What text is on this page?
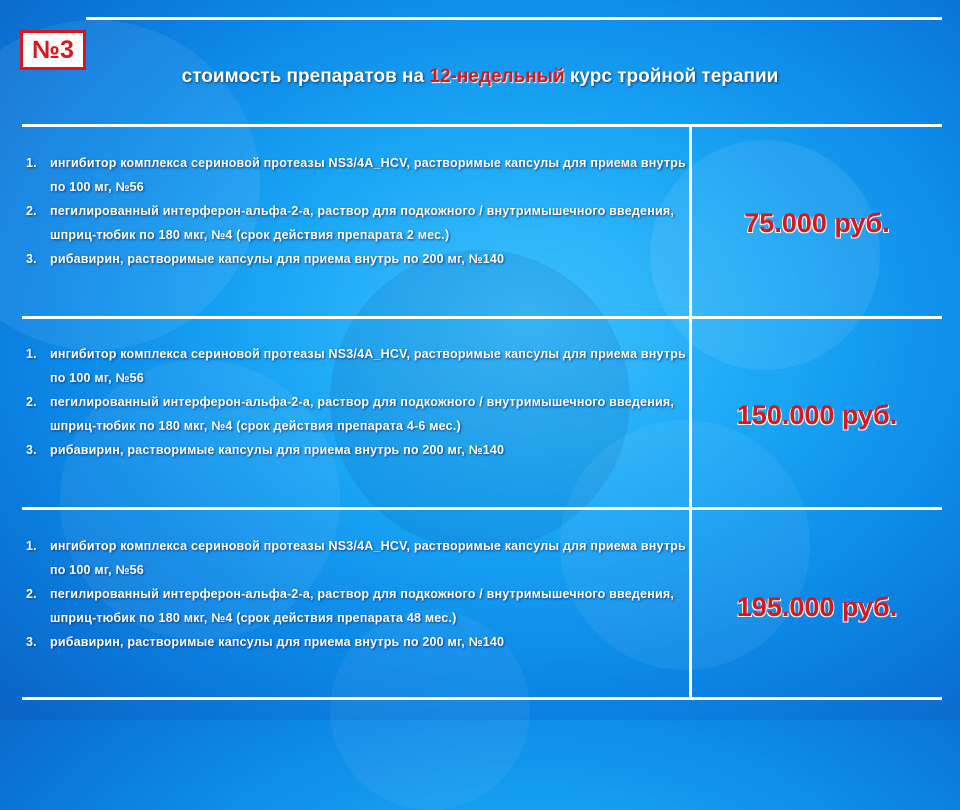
№3
стоимость препаратов на 12-недельный курс тройной терапии
1.	ингибитор комплекса сериновой протеазы NS3/4A_HCV, растворимые капсулы для приема внутрь по 100 мг, №56
2.	пегилированный интерферон-альфа-2-а, раствор для подкожного / внутримышечного введения, шприц-тюбик по 180 мкг, №4 (срок действия препарата 2 мес.)
3.	рибавирин, растворимые капсулы для приема внутрь по 200 мг, №140
75.000 руб.
1.	ингибитор комплекса сериновой протеазы NS3/4A_HCV, растворимые капсулы для приема внутрь по 100 мг, №56
2.	пегилированный интерферон-альфа-2-а, раствор для подкожного / внутримышечного введения, шприц-тюбик по 180 мкг, №4 (срок действия препарата 4-6 мес.)
3.	рибавирин, растворимые капсулы для приема внутрь по 200 мг, №140
150.000 руб.
1.	ингибитор комплекса сериновой протеазы NS3/4A_HCV, растворимые капсулы для приема внутрь по 100 мг, №56
2.	пегилированный интерферон-альфа-2-а, раствор для подкожного / внутримышечного введения, шприц-тюбик по 180 мкг, №4 (срок действия препарата 48 мес.)
3.	рибавирин, растворимые капсулы для приема внутрь по 200 мг, №140
195.000 руб.
